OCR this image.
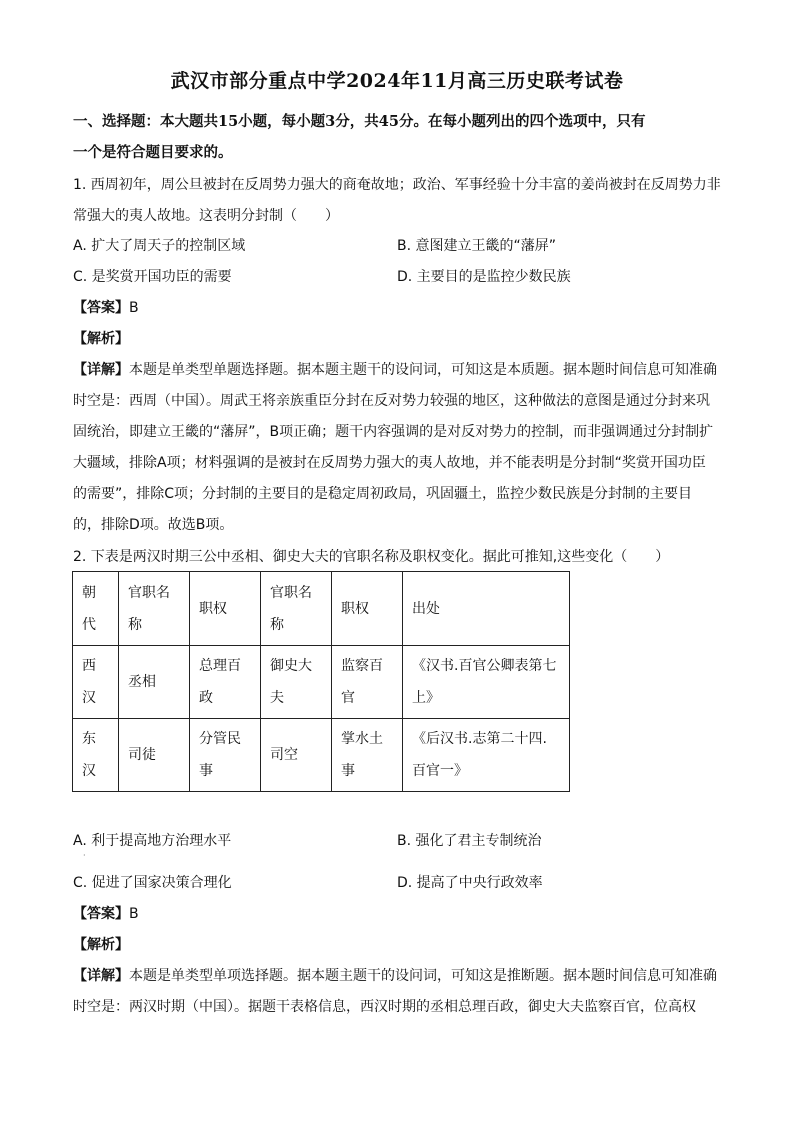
武汉市部分重点中学2024年11月高三历史联考试卷
一、选择题：本大题共15小题，每小题3分，共45分。在每小题列出的四个选项中，只有
一个是符合题目要求的。
1. 西周初年，周公旦被封在反周势力强大的商奄故地；政治、军事经验十分丰富的姜尚被封在反周势力非
常强大的夷人故地。这表明分封制（　　）
A. 扩大了周天子的控制区域	B. 意图建立王畿的“藩屏”
C. 是奖赏开国功臣的需要	D. 主要目的是监控少数民族
【答案】B
【解析】
【详解】本题是单类型单题选择题。据本题主题干的设问词，可知这是本质题。据本题时间信息可知准确
时空是：西周（中国）。周武王将亲族重臣分封在反对势力较强的地区，这种做法的意图是通过分封来巩
固统治，即建立王畿的“藩屏”，B项正确；题干内容强调的是对反对势力的控制，而非强调通过分封制扩
大疆域，排除A项；材料强调的是被封在反周势力强大的夷人故地，并不能表明是分封制“奖赏开国功臣
的需要”，排除C项；分封制的主要目的是稳定周初政局，巩固疆土，监控少数民族是分封制的主要目
的，排除D项。故选B项。
2. 下表是两汉时期三公中丞相、御史大夫的官职名称及职权变化。据此可推知,这些变化（　　）
朝代	官职名称	职权	官职名称	职权	出处
西汉	丞相	总理百政	御史大夫	监察百官	《汉书.百官公卿表第七上》
东汉	司徒	分管民事	司空	掌水土事	《后汉书.志第二十四.百官一》
A. 利于提高地方治理水平	B. 强化了君主专制统治
·
C. 促进了国家决策合理化	D. 提高了中央行政效率
【答案】B
【解析】
【详解】本题是单类型单项选择题。据本题主题干的设问词，可知这是推断题。据本题时间信息可知准确
时空是：两汉时期（中国）。据题干表格信息，西汉时期的丞相总理百政，御史大夫监察百官，位高权
